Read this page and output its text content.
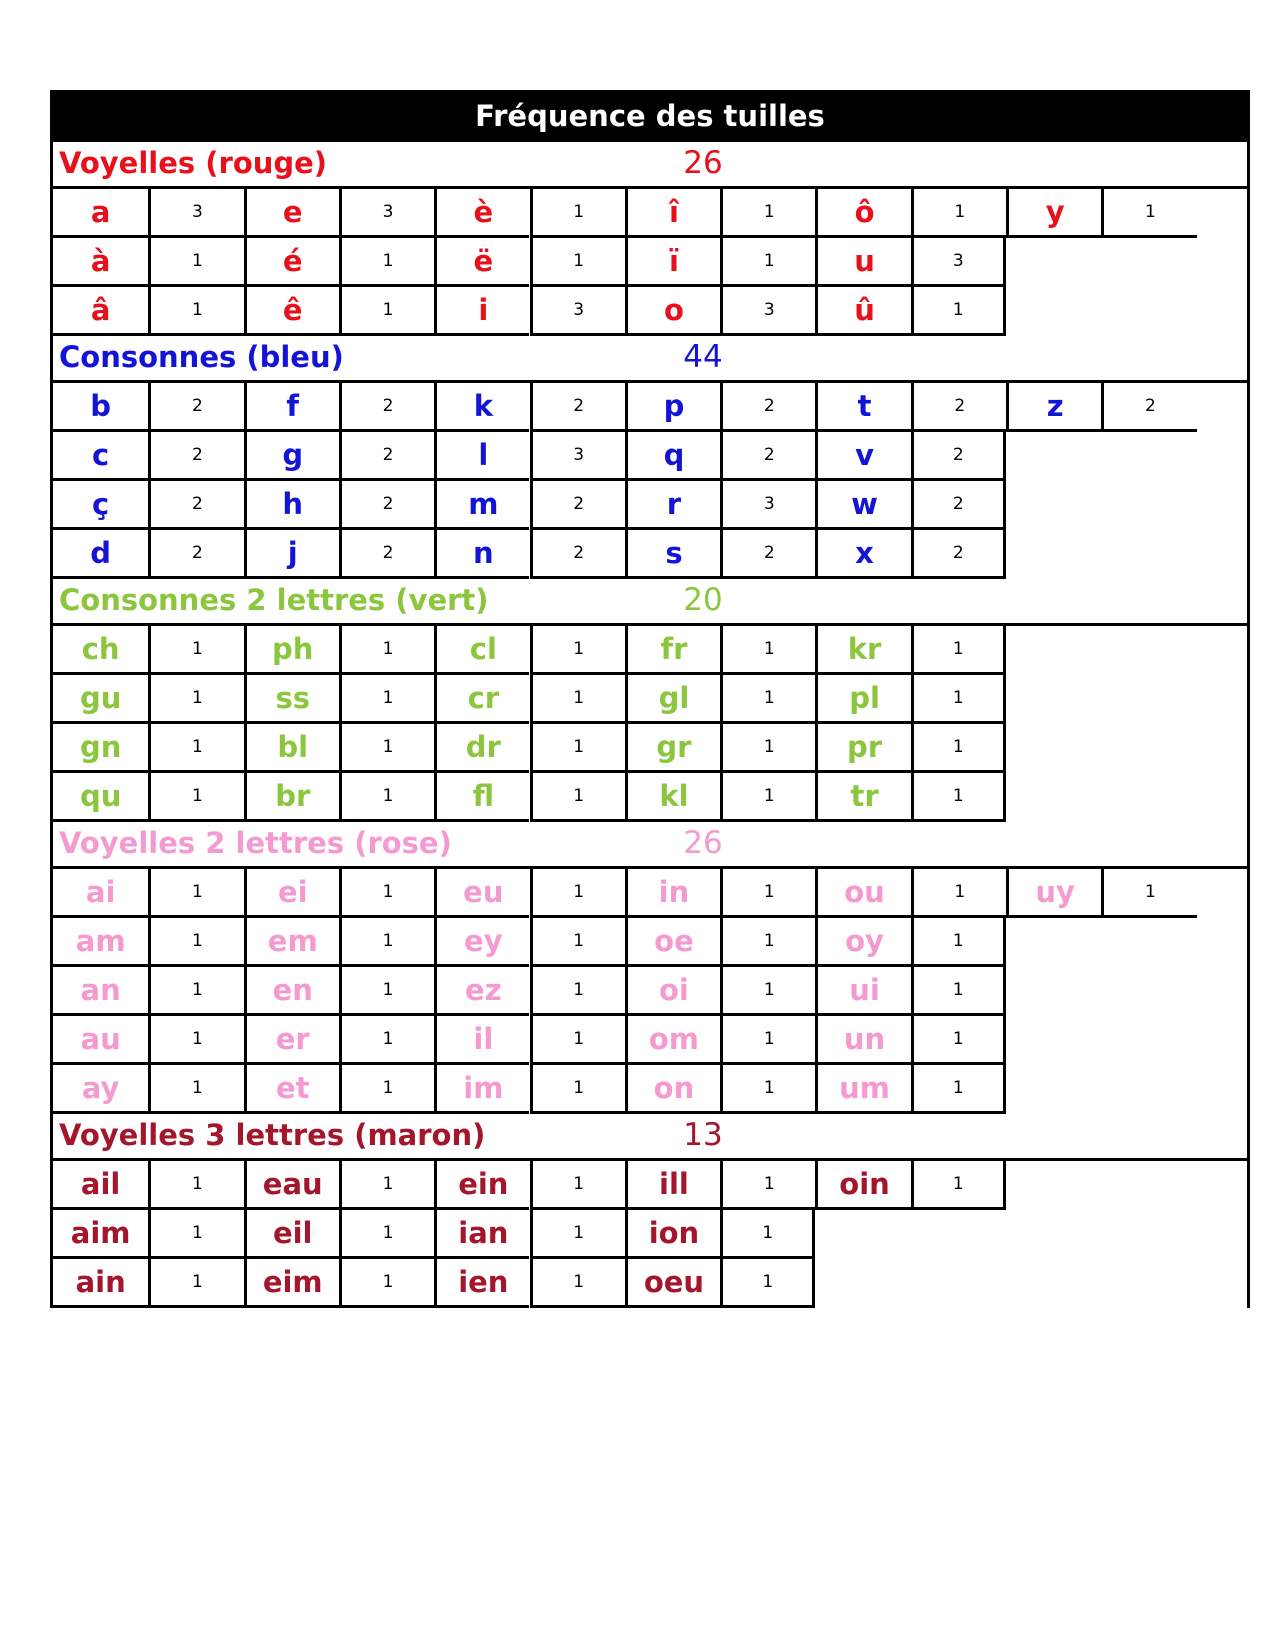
Fréquence des tuilles
Voyelles (rouge)	26
a	3	e	3	è	1	î	1	ô	1	y	1
à	1	é	1	ë	1	ï	1	u	3
â	1	ê	1	i	3	o	3	û	1
Consonnes (bleu)	44
b	2	f	2	k	2	p	2	t	2	z	2
c	2	g	2	l	3	q	2	v	2
ç	2	h	2	m	2	r	3	w	2
d	2	j	2	n	2	s	2	x	2
Consonnes 2 lettres (vert)	20
ch	1	ph	1	cl	1	fr	1	kr	1
gu	1	ss	1	cr	1	gl	1	pl	1
gn	1	bl	1	dr	1	gr	1	pr	1
qu	1	br	1	fl	1	kl	1	tr	1
Voyelles 2 lettres (rose)	26
ai	1	ei	1	eu	1	in	1	ou	1	uy	1
am	1	em	1	ey	1	oe	1	oy	1
an	1	en	1	ez	1	oi	1	ui	1
au	1	er	1	il	1	om	1	un	1
ay	1	et	1	im	1	on	1	um	1
Voyelles 3 lettres (maron)	13
ail	1	eau	1	ein	1	ill	1	oin	1
aim	1	eil	1	ian	1	ion	1
ain	1	eim	1	ien	1	oeu	1
